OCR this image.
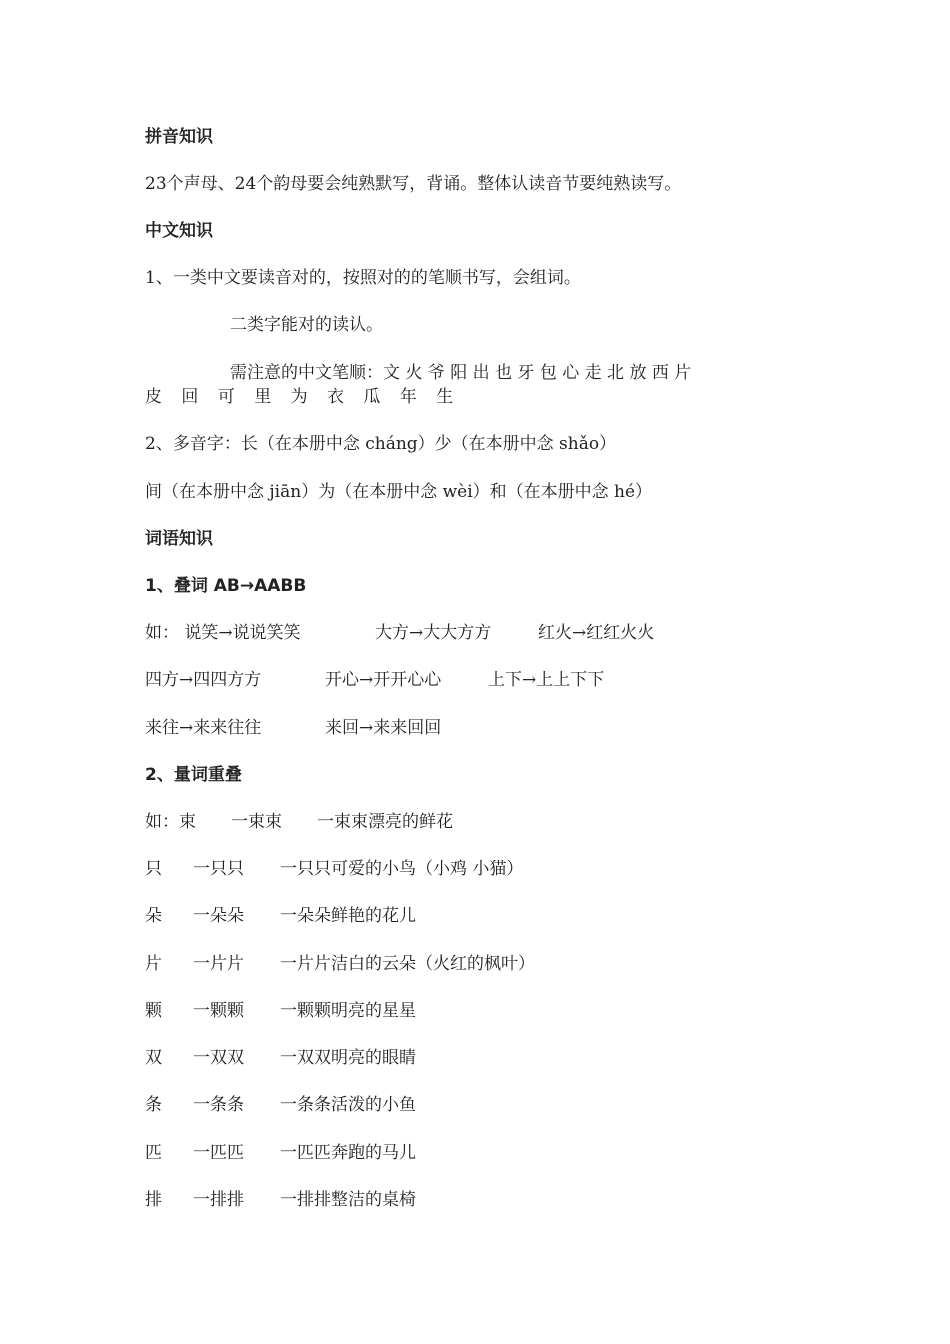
拼音知识
23个声母、24个韵母要会纯熟默写，背诵。整体认读音节要纯熟读写。
中文知识
1、一类中文要读音对的，按照对的的笔顺书写，会组词。
二类字能对的读认。
需注意的中文笔顺：文 火 爷 阳 出 也 牙 包 心 走 北 放 西 片
皮 回 可 里 为 衣 瓜 年 生
2、多音字：长（在本册中念 cháng）少（在本册中念 shǎo）
间（在本册中念 jiān）为（在本册中念 wèi）和（在本册中念 hé）
词语知识
1、叠词 AB→AABB
如： 说笑→说说笑笑	大方→大大方方	红火→红红火火
四方→四四方方	开心→开开心心	上下→上上下下
来往→来来往往	来回→来来回回
2、量词重叠
如：束 一束束 一束束漂亮的鲜花
只 一只只 一只只可爱的小鸟（小鸡 小猫）
朵 一朵朵 一朵朵鲜艳的花儿
片 一片片 一片片洁白的云朵（火红的枫叶）
颗 一颗颗 一颗颗明亮的星星
双 一双双 一双双明亮的眼睛
条 一条条 一条条活泼的小鱼
匹 一匹匹 一匹匹奔跑的马儿
排 一排排 一排排整洁的桌椅
